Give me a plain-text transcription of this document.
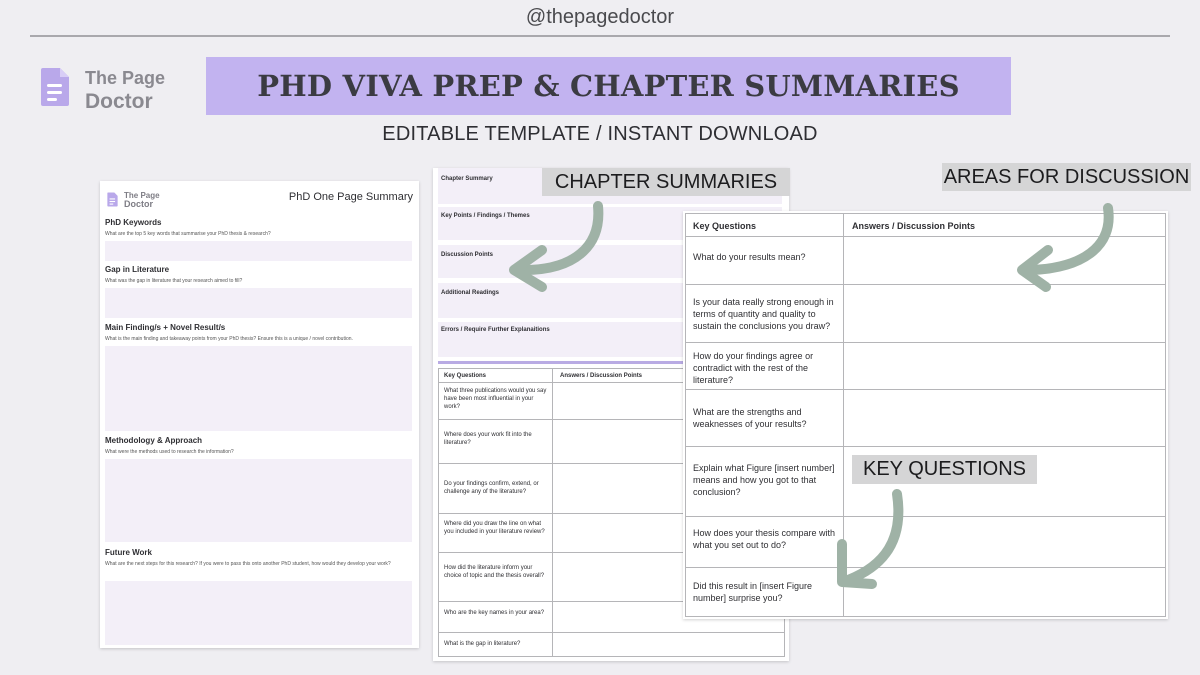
@thepagedoctor
The Page
Doctor	PHD VIVA PREP & CHAPTER SUMMARIES
EDITABLE TEMPLATE / INSTANT DOWNLOAD
The Page
Doctor
PhD One Page Summary
PhD Keywords
What are the top 5 key words that summarise your PhD thesis & research?
Gap in Literature
What was the gap in literature that your research aimed to fill?
Main Finding/s + Novel Result/s
What is the main finding and takeaway points from your PhD thesis? Ensure this is a unique / novel contribution.
Methodology & Approach
What were the methods used to research the information?
Future Work
What are the next steps for this research? If you were to pass this onto another PhD student, how would they develop your work?
Chapter Summary
Key Points / Findings / Themes
Discussion Points
Additional Readings
Errors / Require Further Explanaitions
Key Questions	Answers / Discussion Points
What three publications would you say have been most influential in your work?
Where does your work fit into the literature?
Do your findings confirm, extend, or challenge any of the literature?
Where did you draw the line on what you included in your literature review?
How did the literature inform your choice of topic and the thesis overall?
Who are the key names in your area?
What is the gap in literature?
Key Questions	Answers / Discussion Points
What do your results mean?
Is your data really strong enough in terms of quantity and quality to sustain the conclusions you draw?
How do your findings agree or contradict with the rest of the literature?
What are the strengths and weaknesses of your results?
Explain what Figure [insert number] means and how you got to that conclusion?
How does your thesis compare with what you set out to do?
Did this result in [insert Figure number] surprise you?
CHAPTER SUMMARIES	AREAS FOR DISCUSSION
KEY QUESTIONS
